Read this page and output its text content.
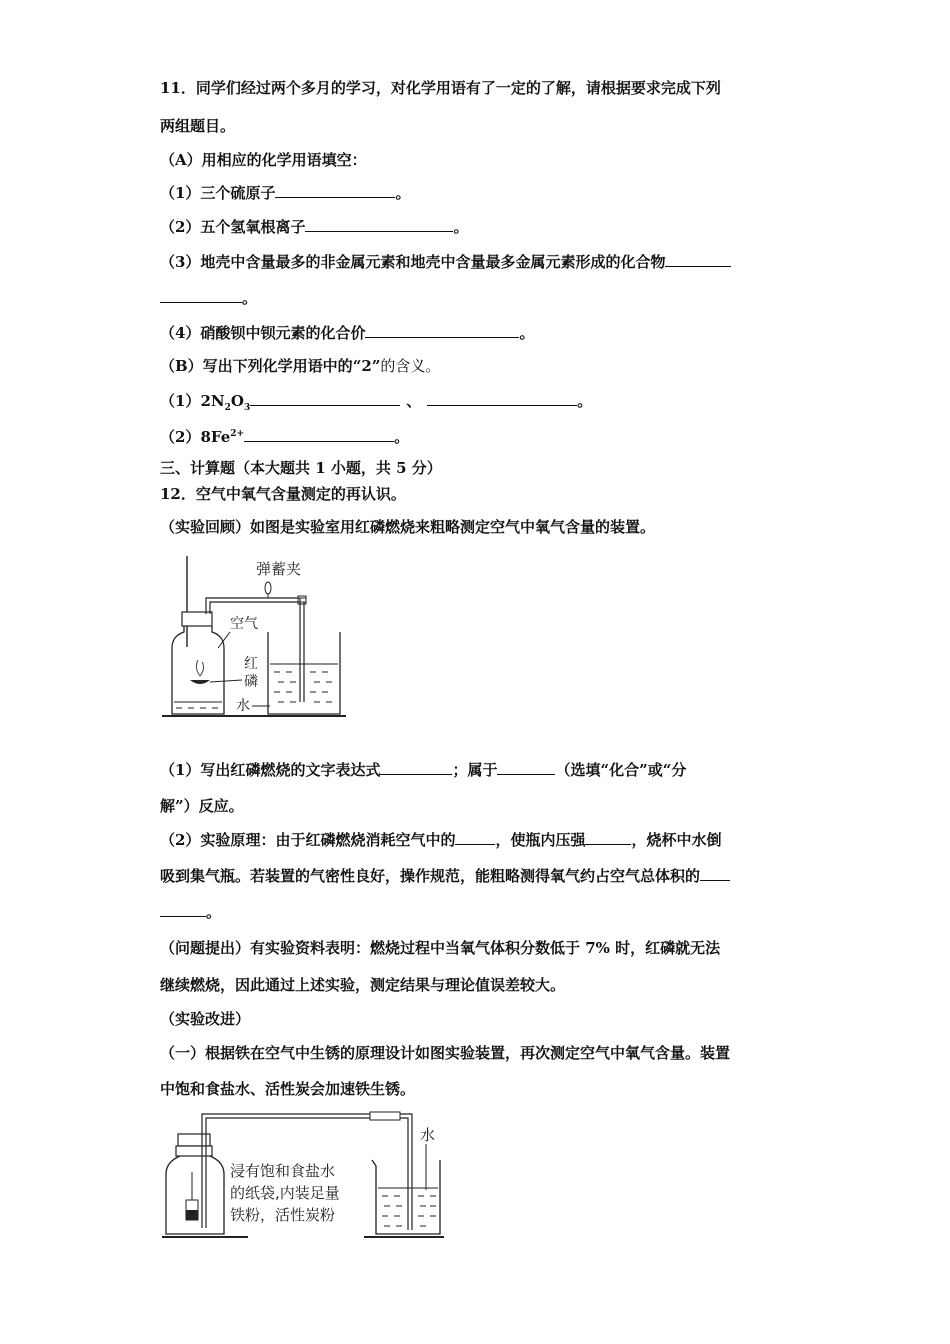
11．同学们经过两个多月的学习，对化学用语有了一定的了解，请根据要求完成下列
两组题目。
（A）用相应的化学用语填空：
（1）三个硫原子	。
（2）五个氢氧根离子	。
（3）地壳中含量最多的非金属元素和地壳中含量最多金属元素形成的化合物
。
（4）硝酸钡中钡元素的化合价	。
（B）写出下列化学用语中的“2”的含义。
$(1)2N_2O_3$	、	。
$(2)8Fe^{2+}$	。
三、计算题（本大题共 1 小题，共 5 分）
12．空气中氧气含量测定的再认识。
（实验回顾）如图是实验室用红磷燃烧来粗略测定空气中氧气含量的装置。
弹蓄夹
空气
红
磷
水
（1）写出红磷燃烧的文字表达式	；属于	（选填“化合”或“分
解”）反应。
（2）实验原理：由于红磷燃烧消耗空气中的	，使瓶内压强	，烧杯中水倒
吸到集气瓶。若装置的气密性良好，操作规范，能粗略测得氧气约占空气总体积的
。
（问题提出）有实验资料表明：燃烧过程中当氧气体积分数低于 7% 时，红磷就无法
继续燃烧，因此通过上述实验，测定结果与理论值误差较大。
（实验改进）
（一）根据铁在空气中生锈的原理设计如图实验装置，再次测定空气中氧气含量。装置
中饱和食盐水、活性炭会加速铁生锈。
浸有饱和食盐水
的纸袋,内装足量
铁粉，活性炭粉
水
